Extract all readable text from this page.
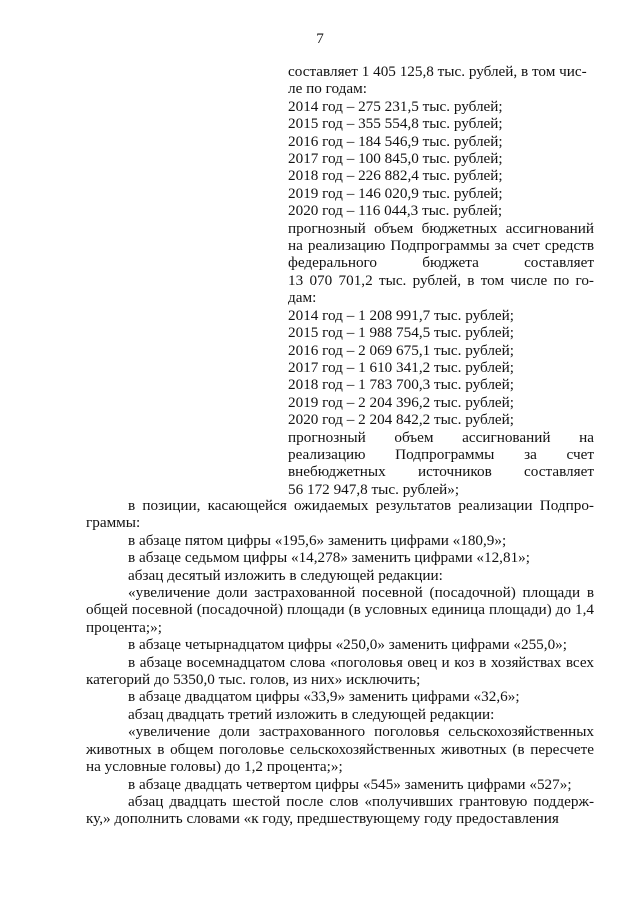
7

составляет 1 405 125,8 тыс. рублей, в том чис-

ле по годам:

2014 год – 275 231,5 тыс. рублей;

2015 год – 355 554,8 тыс. рублей;

2016 год – 184 546,9 тыс. рублей;

2017 год – 100 845,0 тыс. рублей;

2018 год – 226 882,4 тыс. рублей;

2019 год – 146 020,9 тыс. рублей;

2020 год – 116 044,3 тыс. рублей;

прогнозный объем бюджетных ассигнований

на реализацию Подпрограммы за счет средств

федерального бюджета составляет

13 070 701,2 тыс. рублей, в том числе по го-

дам:

2014 год – 1 208 991,7 тыс. рублей;

2015 год – 1 988 754,5 тыс. рублей;

2016 год – 2 069 675,1 тыс. рублей;

2017 год – 1 610 341,2 тыс. рублей;

2018 год – 1 783 700,3 тыс. рублей;

2019 год – 2 204 396,2 тыс. рублей;

2020 год – 2 204 842,2 тыс. рублей;

прогнозный объем ассигнований на

реализацию Подпрограммы за счет

внебюджетных источников составляет

56 172 947,8 тыс. рублей»;

в позиции, касающейся ожидаемых результатов реализации Подпро-граммы:

в абзаце пятом цифры «195,6» заменить цифрами «180,9»;

в абзаце седьмом цифры «14,278» заменить цифрами «12,81»;

абзац десятый изложить в следующей редакции:

«увеличение доли застрахованной посевной (посадочной) площади в общей посевной (посадочной) площади (в условных единица площади) до 1,4 процента;»;

в абзаце четырнадцатом цифры «250,0» заменить цифрами «255,0»;

в абзаце восемнадцатом слова «поголовья овец и коз в хозяйствах всех категорий до 5350,0 тыс. голов, из них» исключить;

в абзаце двадцатом цифры «33,9» заменить цифрами «32,6»;

абзац двадцать третий изложить в следующей редакции:

«увеличение доли застрахованного поголовья сельскохозяйственных животных в общем поголовье сельскохозяйственных животных (в пересчете на условные головы) до 1,2 процента;»;

в абзаце двадцать четвертом цифры «545» заменить цифрами «527»;

абзац двадцать шестой после слов «получивших грантовую поддерж-ку,» дополнить словами «к году, предшествующему году предоставления
